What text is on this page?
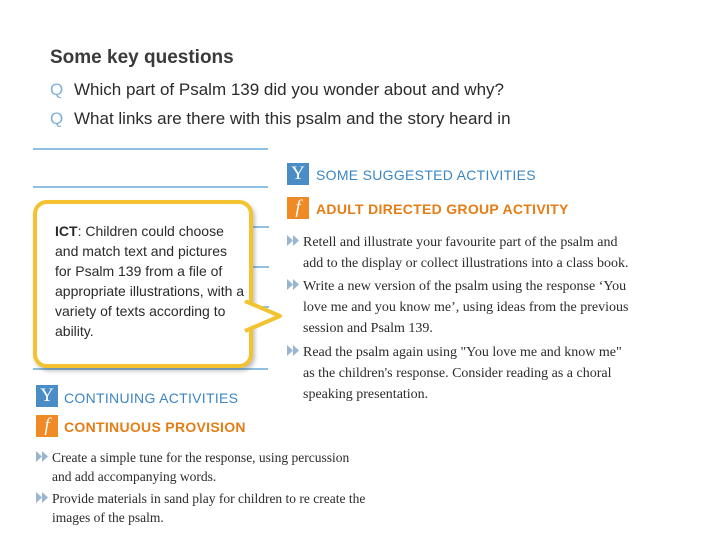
Some key questions
Q Which part of Psalm 139 did you wonder about and why?
Q What links are there with this psalm and the story heard in
Y SOME SUGGESTED ACTIVITIES
f	ADULT DIRECTED GROUP ACTIVITY
Retell and illustrate your favourite part of the psalm and
add to the display or collect illustrations into a class book.
Write a new version of the psalm using the response ‘You
love me and you know me’, using ideas from the previous
session and Psalm 139.
Read the psalm again using "You love me and know me"
as the children's response. Consider reading as a choral
speaking presentation.
ICT: Children could choose and match text and pictures for Psalm 139 from a file of appropriate illustrations, with a variety of texts according to ability.
Y CONTINUING ACTIVITIES
f	CONTINUOUS PROVISION
Create a simple tune for the response, using percussion
and add accompanying words.
Provide materials in sand play for children to re create the
images of the psalm.
